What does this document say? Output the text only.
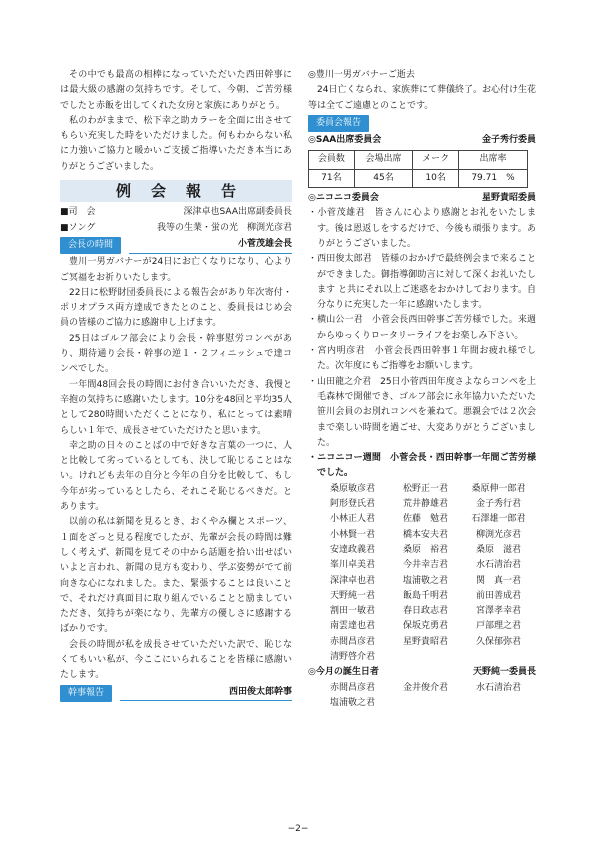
その中でも最高の相棒になっていただいた西田幹事には最大級の感謝の気持ちです。そして、今朝、ご苦労様でしたと赤飯を出してくれた女房と家族にありがとう。

私のわがままで、松下幸之助カラーを全面に出させてもらい充実した時をいただけました。何もわからない私に力強いご協力と暖かいご支援ご指導いただき本当にありがとうございました。

例会報告
■司　会	深津卓也SAA出席副委員長
■ソング	我等の生業・蛍の光　柳渕光彦君
会長の時間	小菅茂雄会長

豊川一男ガバナーが24日にお亡くなりになり、心よりご冥福をお祈りいたします。

22日に松野財団委員長による報告会があり年次寄付・ポリオプラス両方達成できたとのこと、委員長はじめ会員の皆様のご協力に感謝申し上げます。

25日はゴルフ部会により会長・幹事慰労コンペがあり、期待通り会長・幹事の逆１・２フィニッシュで達コンペでした。

一年間48回会長の時間にお付き合いいただき、我慢と辛抱の気持ちに感謝いたします。10分を48回と平均35人として280時間いただくことになり、私にとっては素晴らしい１年で、成長させていただけたと思います。

幸之助の日々のことばの中で好きな言葉の一つに、人と比較して劣っているとしても、決して恥じることはない。けれども去年の自分と今年の自分を比較して、もし今年が劣っているとしたら、それこそ恥じるべきだ。とあります。

以前の私は新聞を見るとき、おくやみ欄とスポーツ、１面をざっと見る程度でしたが、先輩が会長の時間は難しく考えず、新聞を見てその中から話題を拾い出せばいいよと言われ、新聞の見方も変わり、学ぶ姿勢がでて前向きな心になれました。また、緊張することは良いことで、それだけ真面目に取り組んでいることと励ましていただき、気持ちが楽になり、先輩方の優しさに感謝するばかりです。

会長の時間が私を成長させていただいた訳で、恥じなくてもいい私が、今ここにいられることを皆様に感謝いたします。

幹事報告	西田俊太郎幹事

◎豊川一男ガバナーご逝去

24日亡くなられ、家族葬にて葬儀終了。お心付け生花等は全てご遠慮とのことです。

委員会報告
◎SAA出席委員会	金子秀行委員
会員数	会場出席	メーク	出席率
71名	45名	10名	79.71　%
◎ニコニコ委員会	星野貴昭委員

・小菅茂雄君　皆さんに心より感謝とお礼をいたします。後は恩返しをするだけで、今後も頑張ります。ありがとうございました。

・西田俊太郎君　皆様のおかげで最終例会まで来ることができました。御指導御助言に対して深くお礼いたします と共にそれ以上ご迷惑をおかけしております。自分なりに充実した一年に感謝いたします。

・横山公一君　小菅会長西田幹事ご苦労様でした。来週からゆっくりロータリーライフをお楽しみ下さい。

・宮内明彦君　小菅会長西田幹事１年間お疲れ様でした。次年度にもご指導をお願いします。

・山田龍之介君　25日小菅西田年度さよならコンペを上毛森林で開催でき、ゴルフ部会に永年協力いただいた笹川会員のお別れコンペを兼ねて。悪親会では２次会まで楽しい時間を過ごせ、大変ありがとうございました。

・ニコニコー週間　小菅会長・西田幹事一年間ご苦労様でした。

桑原敏彦君	松野正一君	桑原伸一郎君
阿形登氏君	荒井静雄君	金子秀行君
小林正人君	佐藤　勉君	石澤雄一郎君
小林賢一君	橋本安夫君	柳渕光彦君
安達政義君	桑原　裕君	桑原　滋君
峯川卓美君	今井幸吉君	水石清治君
深津卓也君	塩浦敬之君	関　真一君
天野純一君	飯島千明君	前田善成君
割田一敏君	春日政志君	宮澤孝幸君
南雲達也君	保坂克勇君	戸部理之君
赤間昌彦君	星野貴昭君	久保郁弥君
清野啓介君
◎今月の誕生日者	天野純一委員長
赤間昌彦君	金井俊介君	水石清治君
塩浦敬之君
−2−
